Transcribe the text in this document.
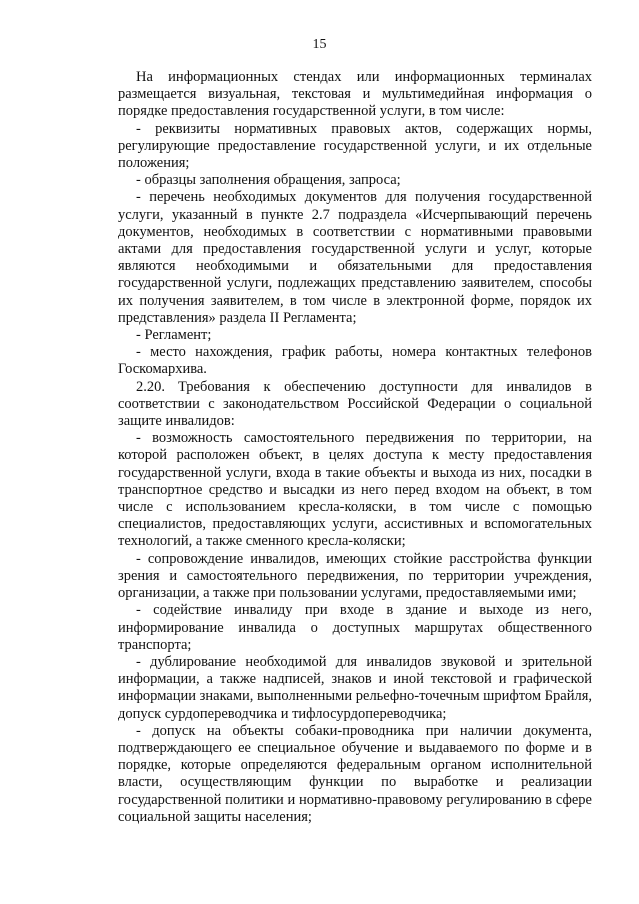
15

На информационных стендах или информационных терминалах размещается визуальная, текстовая и мультимедийная информация о порядке предоставления государственной услуги, в том числе:

- реквизиты нормативных правовых актов, содержащих нормы, регулирующие предоставление государственной услуги, и их отдельные положения;

- образцы заполнения обращения, запроса;

- перечень необходимых документов для получения государственной услуги, указанный в пункте 2.7 подраздела «Исчерпывающий перечень документов, необходимых в соответствии с нормативными правовыми актами для предоставления государственной услуги и услуг, которые являются необходимыми и обязательными для предоставления государственной услуги, подлежащих представлению заявителем, способы их получения заявителем, в том числе в электронной форме, порядок их представления» раздела II Регламента;

- Регламент;

- место нахождения, график работы, номера контактных телефонов Госкомархива.

2.20. Требования к обеспечению доступности для инвалидов в соответствии с законодательством Российской Федерации о социальной защите инвалидов:

- возможность самостоятельного передвижения по территории, на которой расположен объект, в целях доступа к месту предоставления государственной услуги, входа в такие объекты и выхода из них, посадки в транспортное средство и высадки из него перед входом на объект, в том числе с использованием кресла-коляски, в том числе с помощью специалистов, предоставляющих услуги, ассистивных и вспомогательных технологий, а также сменного кресла-коляски;

- сопровождение инвалидов, имеющих стойкие расстройства функции зрения и самостоятельного передвижения, по территории учреждения, организации, а также при пользовании услугами, предоставляемыми ими;

- содействие инвалиду при входе в здание и выходе из него, информирование инвалида о доступных маршрутах общественного транспорта;

- дублирование необходимой для инвалидов звуковой и зрительной информации, а также надписей, знаков и иной текстовой и графической информации знаками, выполненными рельефно-точечным шрифтом Брайля, допуск сурдопереводчика и тифлосурдопереводчика;

- допуск на объекты собаки-проводника при наличии документа, подтверждающего ее специальное обучение и выдаваемого по форме и в порядке, которые определяются федеральным органом исполнительной власти, осуществляющим функции по выработке и реализации государственной политики и нормативно-правовому регулированию в сфере социальной защиты населения;
